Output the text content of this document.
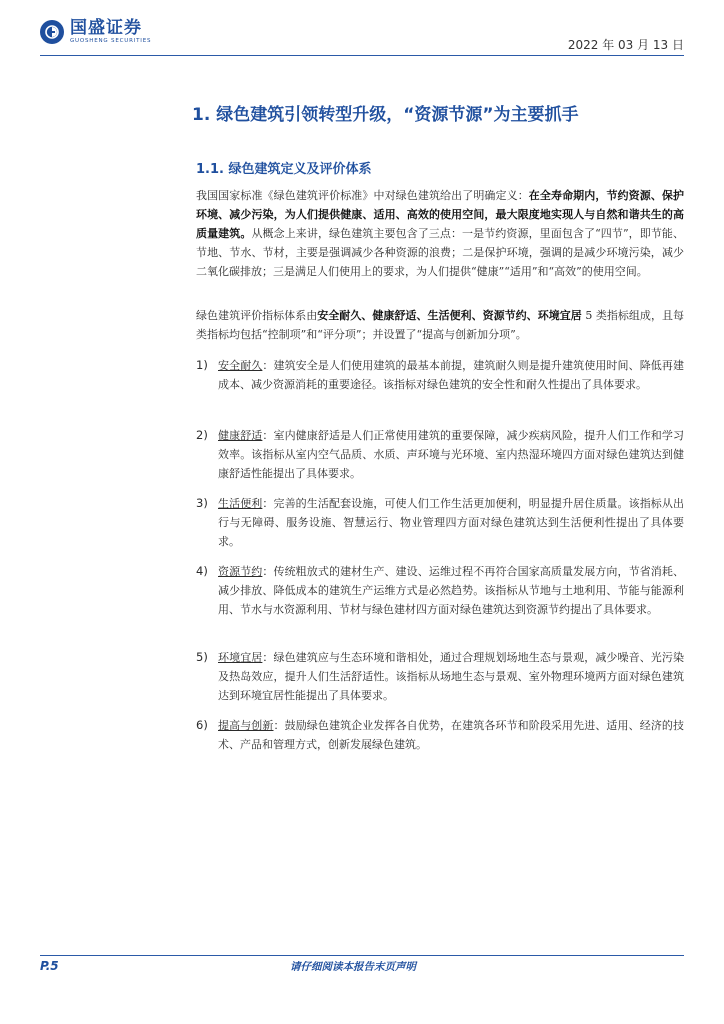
国盛证券
GUOSHENG SECURITIES	2022 年 03 月 13 日
1. 绿色建筑引领转型升级，“资源节源”为主要抓手
1.1. 绿色建筑定义及评价体系

我国国家标准《绿色建筑评价标准》中对绿色建筑给出了明确定义：在全寿命期内，节约资源、保护环境、减少污染，为人们提供健康、适用、高效的使用空间，最大限度地实现人与自然和谐共生的高质量建筑。从概念上来讲，绿色建筑主要包含了三点：一是节约资源，里面包含了“四节”，即节能、节地、节水、节材，主要是强调减少各种资源的浪费；二是保护环境，强调的是减少环境污染，减少二氧化碳排放；三是满足人们使用上的要求，为人们提供“健康”“适用”和“高效”的使用空间。

绿色建筑评价指标体系由安全耐久、健康舒适、生活便利、资源节约、环境宜居 5 类指标组成，且每类指标均包括“控制项”和“评分项”；并设置了“提高与创新加分项”。

1) 安全耐久：建筑安全是人们使用建筑的最基本前提，建筑耐久则是提升建筑使用时间、降低再建成本、减少资源消耗的重要途径。该指标对绿色建筑的安全性和耐久性提出了具体要求。
2) 健康舒适：室内健康舒适是人们正常使用建筑的重要保障，减少疾病风险，提升人们工作和学习效率。该指标从室内空气品质、水质、声环境与光环境、室内热湿环境四方面对绿色建筑达到健康舒适性能提出了具体要求。
3) 生活便利：完善的生活配套设施，可使人们工作生活更加便利，明显提升居住质量。该指标从出行与无障碍、服务设施、智慧运行、物业管理四方面对绿色建筑达到生活便利性提出了具体要求。
4) 资源节约：传统粗放式的建材生产、建设、运维过程不再符合国家高质量发展方向，节省消耗、减少排放、降低成本的建筑生产运维方式是必然趋势。该指标从节地与土地利用、节能与能源利用、节水与水资源利用、节材与绿色建材四方面对绿色建筑达到资源节约提出了具体要求。
5) 环境宜居：绿色建筑应与生态环境和谐相处，通过合理规划场地生态与景观，减少噪音、光污染及热岛效应，提升人们生活舒适性。该指标从场地生态与景观、室外物理环境两方面对绿色建筑达到环境宜居性能提出了具体要求。
6) 提高与创新：鼓励绿色建筑企业发挥各自优势，在建筑各环节和阶段采用先进、适用、经济的技术、产品和管理方式，创新发展绿色建筑。
P.5	请仔细阅读本报告末页声明
